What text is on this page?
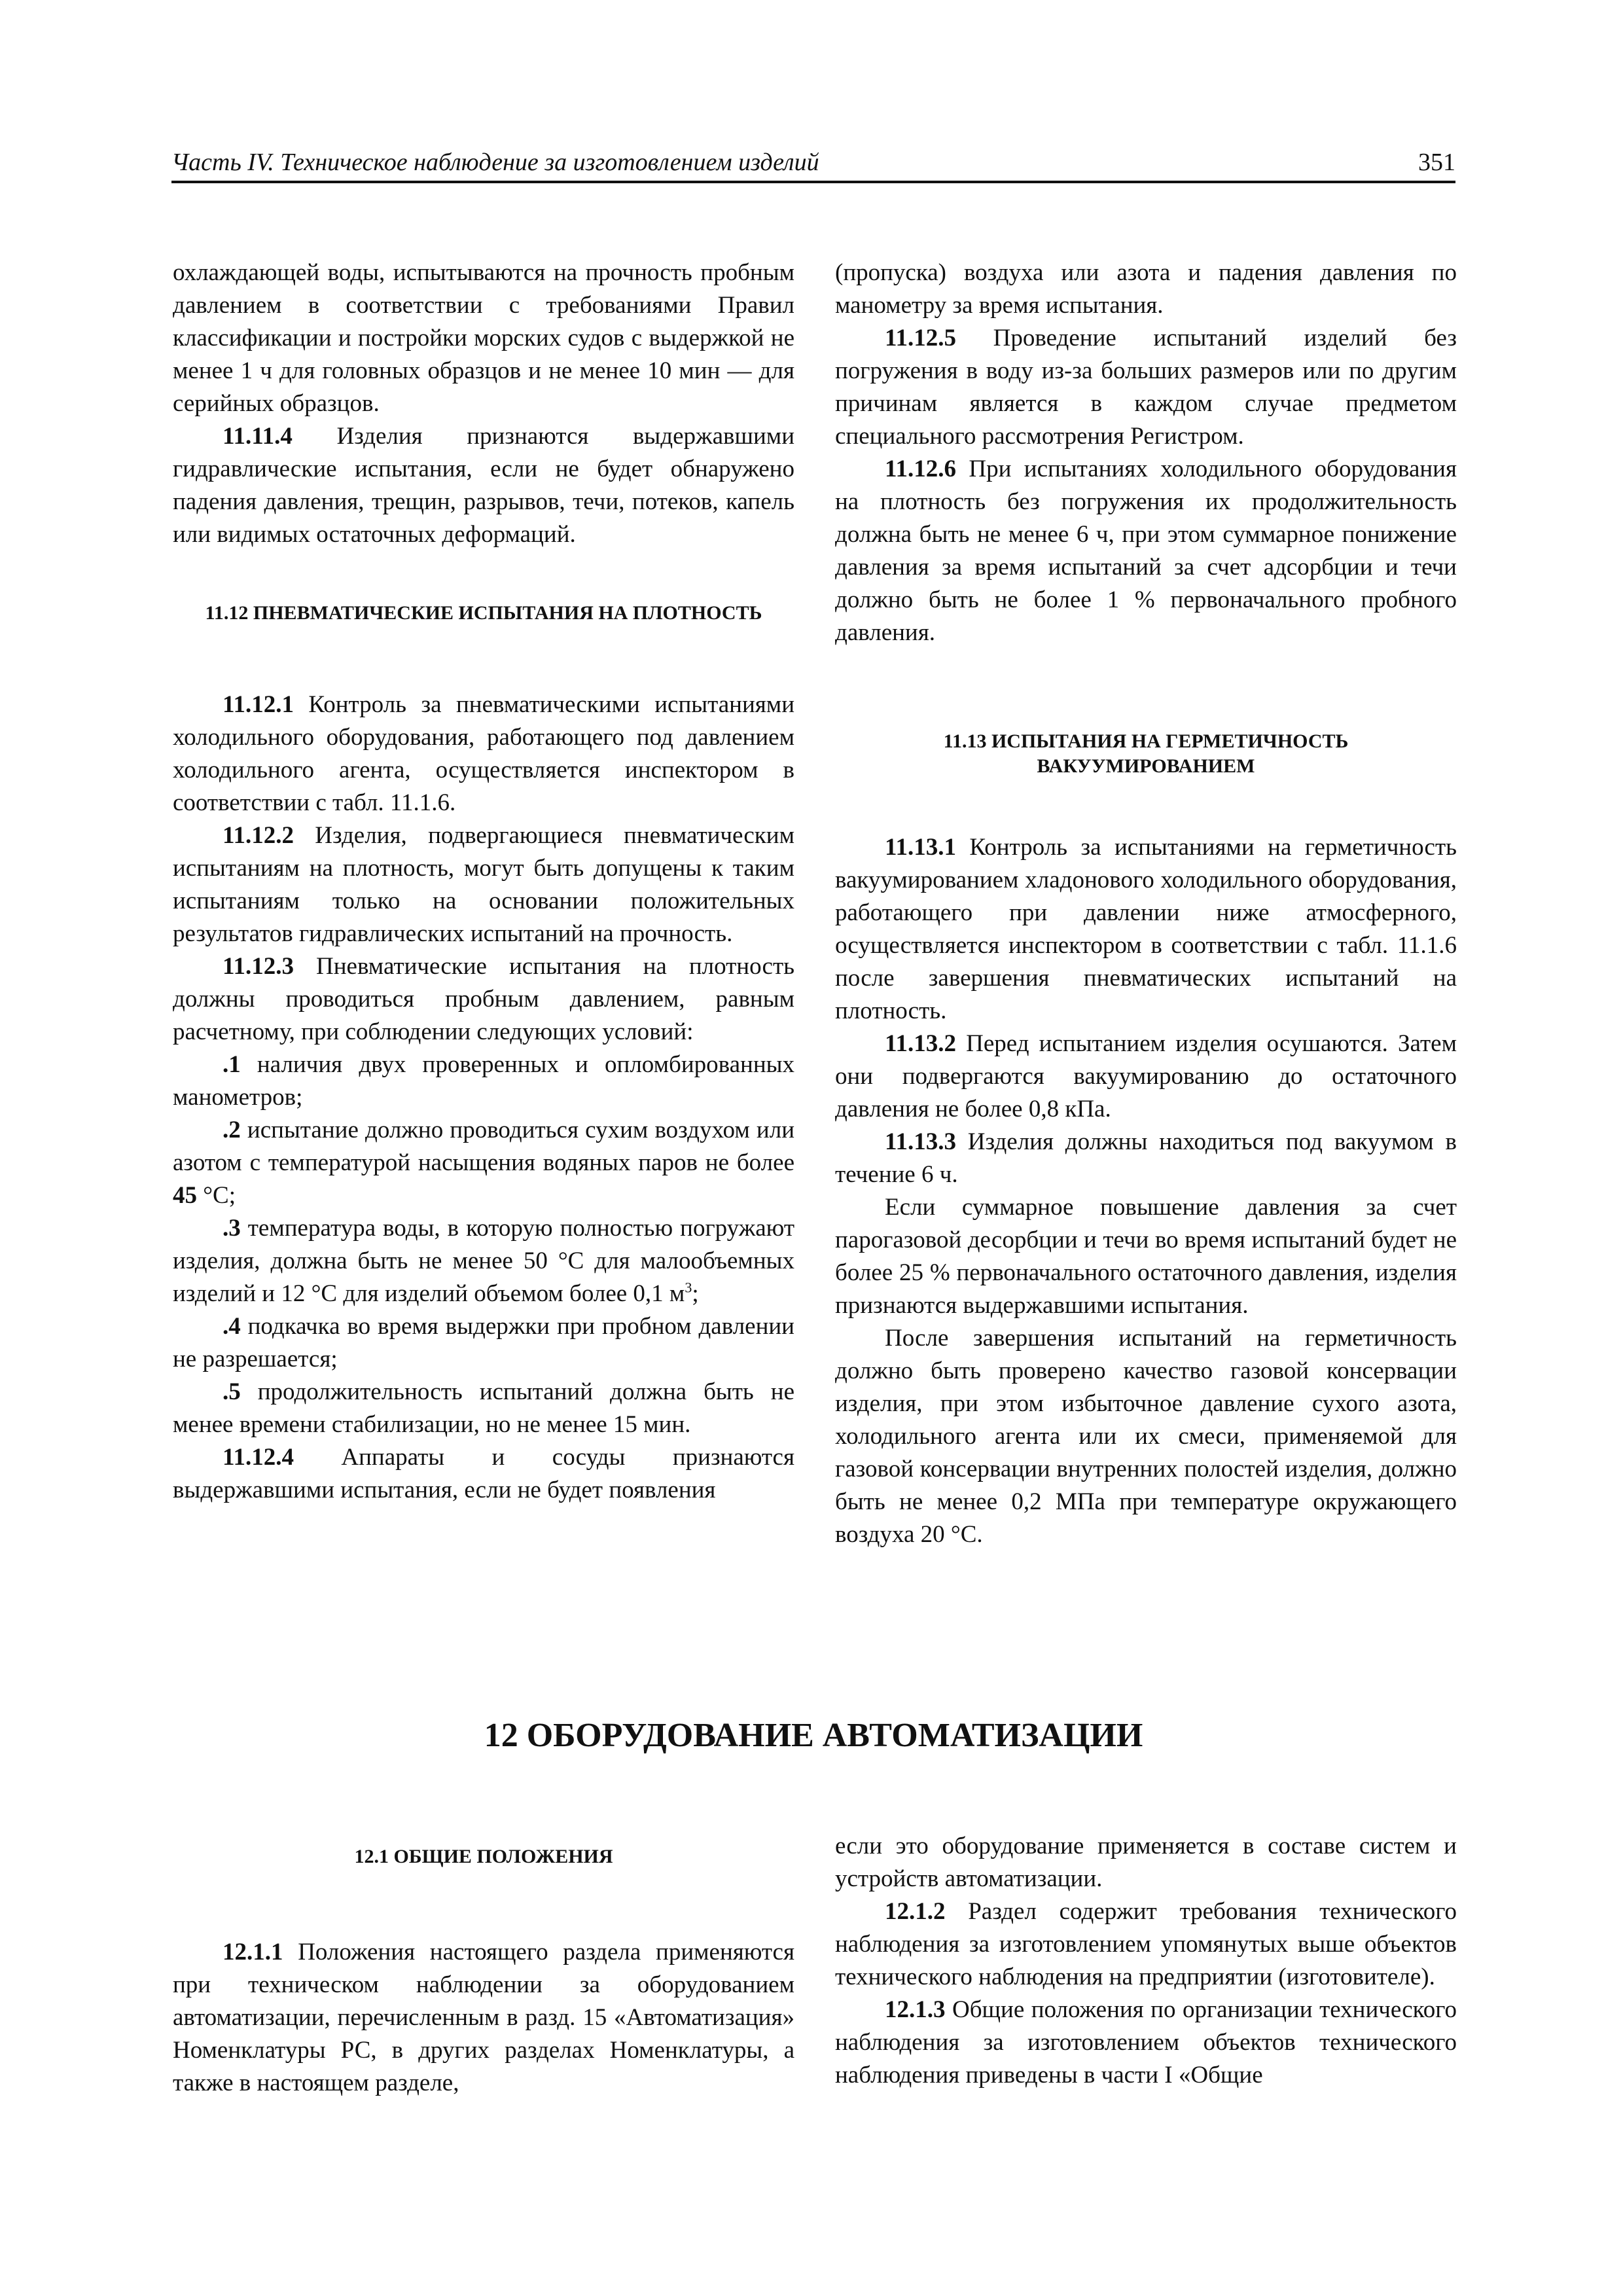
Часть IV. Техническое наблюдение за изготовлением изделий	351

охлаждающей воды, испытываются на прочность пробным давлением в соответствии с требованиями Правил классификации и постройки морских судов с выдержкой не менее 1 ч для головных образцов и не менее 10 мин — для серийных образцов.

11.11.4 Изделия признаются выдержавшими гидравлические испытания, если не будет обнаружено падения давления, трещин, разрывов, течи, потеков, капель или видимых остаточных деформаций.

11.12 ПНЕВМАТИЧЕСКИЕ ИСПЫТАНИЯ НА ПЛОТНОСТЬ

11.12.1 Контроль за пневматическими испытаниями холодильного оборудования, работающего под давлением холодильного агента, осуществляется инспектором в соответствии с табл. 11.1.6.

11.12.2 Изделия, подвергающиеся пневматическим испытаниям на плотность, могут быть допущены к таким испытаниям только на основании положительных результатов гидравлических испытаний на прочность.

11.12.3 Пневматические испытания на плотность должны проводиться пробным давлением, равным расчетному, при соблюдении следующих условий:

.1 наличия двух проверенных и опломбированных манометров;

.2 испытание должно проводиться сухим воздухом или азотом с температурой насыщения водяных паров не более 45 °C;

.3 температура воды, в которую полностью погружают изделия, должна быть не менее 50 °C для малообъемных изделий и 12 °C для изделий объемом более 0,1 $м^3$;

.4 подкачка во время выдержки при пробном давлении не разрешается;

.5 продолжительность испытаний должна быть не менее времени стабилизации, но не менее 15 мин.

11.12.4 Аппараты и сосуды признаются выдержавшими испытания, если не будет появления

(пропуска) воздуха или азота и падения давления по манометру за время испытания.

11.12.5 Проведение испытаний изделий без погружения в воду из-за больших размеров или по другим причинам является в каждом случае предметом специального рассмотрения Регистром.

11.12.6 При испытаниях холодильного оборудования на плотность без погружения их продолжительность должна быть не менее 6 ч, при этом суммарное понижение давления за время испытаний за счет адсорбции и течи должно быть не более 1 % первоначального пробного давления.

11.13 ИСПЫТАНИЯ НА ГЕРМЕТИЧНОСТЬ
ВАКУУМИРОВАНИЕМ

11.13.1 Контроль за испытаниями на герметичность вакуумированием хладонового холодильного оборудования, работающего при давлении ниже атмосферного, осуществляется инспектором в соответствии с табл. 11.1.6 после завершения пневматических испытаний на плотность.

11.13.2 Перед испытанием изделия осушаются. Затем они подвергаются вакуумированию до остаточного давления не более 0,8 кПа.

11.13.3 Изделия должны находиться под вакуумом в течение 6 ч.

Если суммарное повышение давления за счет парогазовой десорбции и течи во время испытаний будет не более 25 % первоначального остаточного давления, изделия признаются выдержавшими испытания.

После завершения испытаний на герметичность должно быть проверено качество газовой консервации изделия, при этом избыточное давление сухого азота, холодильного агента или их смеси, применяемой для газовой консервации внутренних полостей изделия, должно быть не менее 0,2 МПа при температуре окружающего воздуха 20 °C.

12 ОБОРУДОВАНИЕ АВТОМАТИЗАЦИИ
12.1 ОБЩИЕ ПОЛОЖЕНИЯ

12.1.1 Положения настоящего раздела применяются при техническом наблюдении за оборудованием автоматизации, перечисленным в разд. 15 «Автоматизация» Номенклатуры РС, в других разделах Номенклатуры, а также в настоящем разделе,

если это оборудование применяется в составе систем и устройств автоматизации.

12.1.2 Раздел содержит требования технического наблюдения за изготовлением упомянутых выше объектов технического наблюдения на предприятии (изготовителе).

12.1.3 Общие положения по организации технического наблюдения за изготовлением объектов технического наблюдения приведены в части I «Общие
